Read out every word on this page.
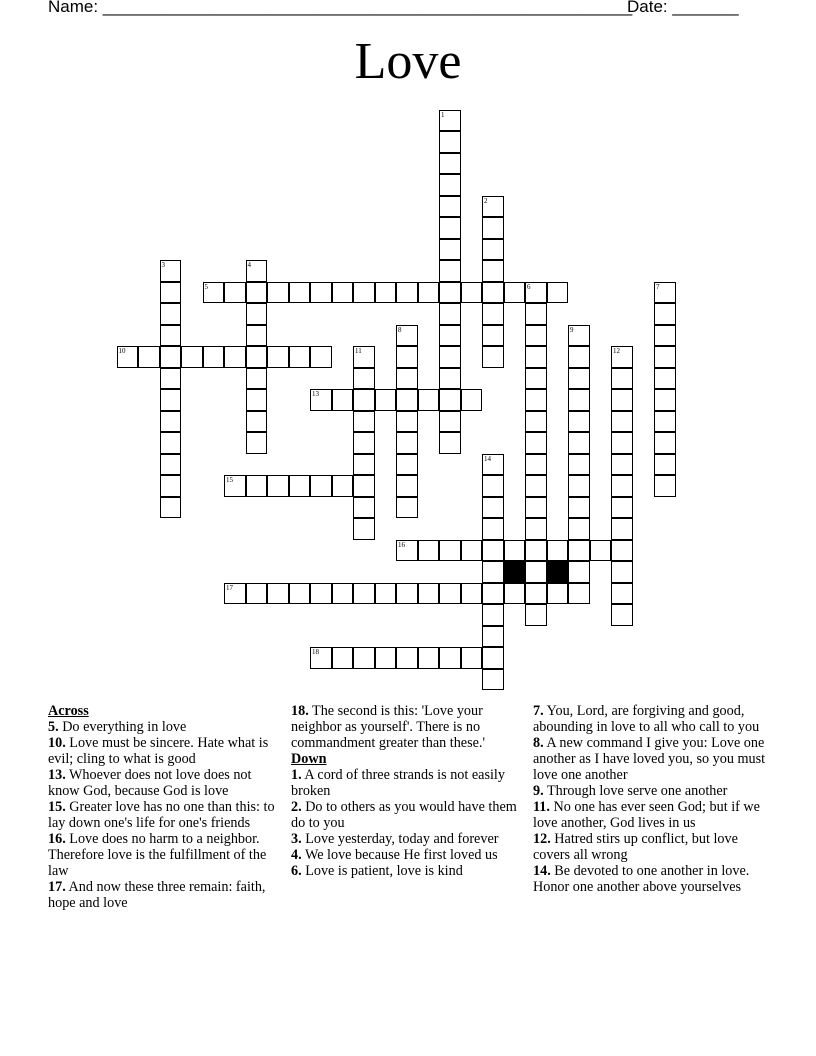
Name: ________________________________________________________
Date: _______
Love
1
2
3	4
5	6	7
8	9
10	11	12
13
14
15
16
17
18
Across
5. Do everything in love
10. Love must be sincere. Hate what is evil; cling to what is good
13. Whoever does not love does not know God, because God is love
15. Greater love has no one than this: to lay down one's life for one's friends
16. Love does no harm to a neighbor. Therefore love is the fulfillment of the law
17. And now these three remain: faith, hope and love
18. The second is this: 'Love your neighbor as yourself'. There is no commandment greater than these.'
Down
1. A cord of three strands is not easily broken
2. Do to others as you would have them do to you
3. Love yesterday, today and forever
4. We love because He first loved us
6. Love is patient, love is kind
7. You, Lord, are forgiving and good, abounding in love to all who call to you
8. A new command I give you: Love one another as I have loved you, so you must love one another
9. Through love serve one another
11. No one has ever seen God; but if we love another, God lives in us
12. Hatred stirs up conflict, but love covers all wrong
14. Be devoted to one another in love. Honor one another above yourselves
